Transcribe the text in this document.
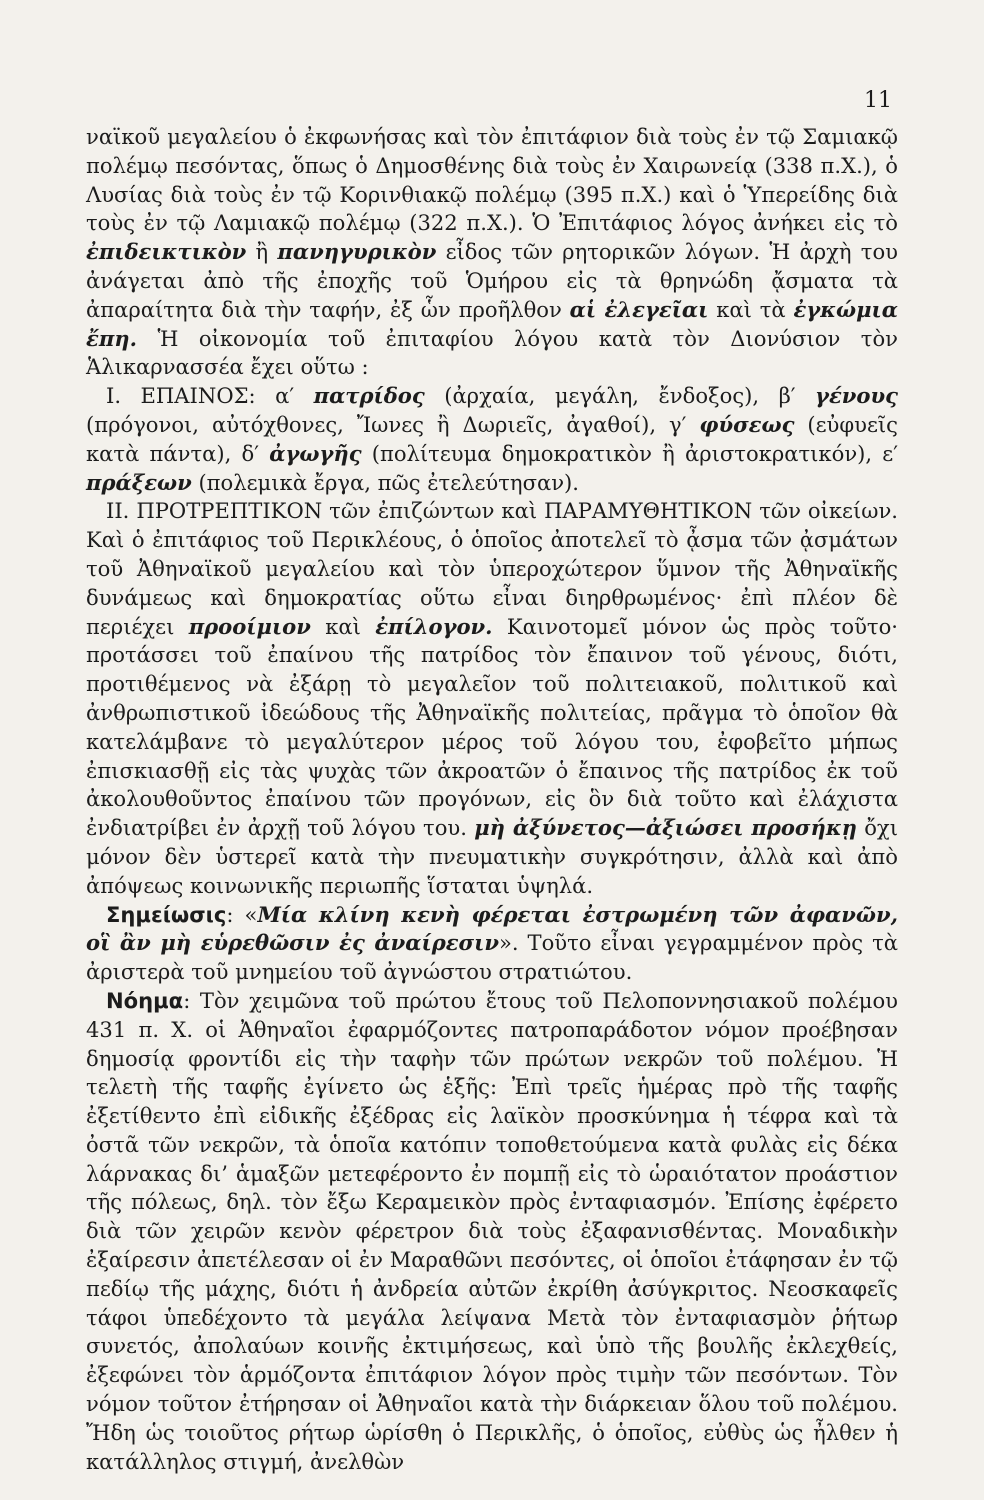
11

ναϊκοῦ μεγαλείου ὁ ἐκφωνήσας καὶ τὸν ἐπιτάφιον διὰ τοὺς ἐν τῷ Σαμιακῷ πολέμῳ πεσόντας, ὅπως ὁ Δημοσθένης διὰ τοὺς ἐν Χαιρωνείᾳ (338 π.Χ.), ὁ Λυσίας διὰ τοὺς ἐν τῷ Κορινθιακῷ πολέμῳ (395 π.Χ.) καὶ ὁ Ὑπερείδης διὰ τοὺς ἐν τῷ Λαμιακῷ πολέμῳ (322 π.Χ.). Ὁ Ἐπιτάφιος λόγος ἀνήκει εἰς τὸ ἐπιδεικτικὸν ἢ πανηγυρικὸν εἶδος τῶν ρητορικῶν λόγων. Ἡ ἀρχὴ του ἀνάγεται ἀπὸ τῆς ἐποχῆς τοῦ Ὁμήρου εἰς τὰ θρηνώδη ᾄσματα τὰ ἀπαραίτητα διὰ τὴν ταφήν, ἐξ ὧν προῆλθον αἱ ἐλεγεῖαι καὶ τὰ ἐγκώμια ἔπη. Ἡ οἰκονομία τοῦ ἐπιταφίου λόγου κατὰ τὸν Διονύσιον τὸν Ἁλικαρνασσέα ἔχει οὕτω :

I. ΕΠΑΙΝΟΣ: α′ πατρίδος (ἀρχαία, μεγάλη, ἔνδοξος), β′ γένους (πρόγονοι, αὐτόχθονες, Ἴωνες ἢ Δωριεῖς, ἀγαθοί), γ′ φύσεως (εὐφυεῖς κατὰ πάντα), δ′ ἀγωγῆς (πολίτευμα δημοκρατικὸν ἢ ἀριστοκρατικόν), ε′ πράξεων (πολεμικὰ ἔργα, πῶς ἐτελεύτησαν).

II. ΠΡΟΤΡΕΠΤΙΚΟΝ τῶν ἐπιζώντων καὶ ΠΑΡΑΜΥΘΗΤΙΚΟΝ τῶν οἰκείων. Καὶ ὁ ἐπιτάφιος τοῦ Περικλέους, ὁ ὁποῖος ἀποτελεῖ τὸ ᾆσμα τῶν ᾀσμάτων τοῦ Ἀθηναϊκοῦ μεγαλείου καὶ τὸν ὑπεροχώτερον ὕμνον τῆς Ἀθηναϊκῆς δυνάμεως καὶ δημοκρατίας οὕτω εἶναι διηρθρωμένος· ἐπὶ πλέον δὲ περιέχει προοίμιον καὶ ἐπίλογον. Καινοτομεῖ μόνον ὡς πρὸς τοῦτο· προτάσσει τοῦ ἐπαίνου τῆς πατρίδος τὸν ἔπαινον τοῦ γένους, διότι, προτιθέμενος νὰ ἐξάρῃ τὸ μεγαλεῖον τοῦ πολιτειακοῦ, πολιτικοῦ καὶ ἀνθρωπιστικοῦ ἰδεώδους τῆς Ἀθηναϊκῆς πολιτείας, πρᾶγμα τὸ ὁποῖον θὰ κατελάμβανε τὸ μεγαλύτερον μέρος τοῦ λόγου του, ἐφοβεῖτο μήπως ἐπισκιασθῇ εἰς τὰς ψυχὰς τῶν ἀκροατῶν ὁ ἔπαινος τῆς πατρίδος ἐκ τοῦ ἀκολουθοῦντος ἐπαίνου τῶν προγόνων, εἰς ὃν διὰ τοῦτο καὶ ἐλάχιστα ἐνδιατρίβει ἐν ἀρχῇ τοῦ λόγου του. μὴ ἀξύνετος—ἀξιώσει προσήκῃ ὄχι μόνον δὲν ὑστερεῖ κατὰ τὴν πνευματικὴν συγκρότησιν, ἀλλὰ καὶ ἀπὸ ἀπόψεως κοινωνικῆς περιωπῆς ἵσταται ὑψηλά.

Σημείωσις: «Μία κλίνη κενὴ φέρεται ἐστρωμένη τῶν ἀφανῶν, οἳ ἂν μὴ εὑρεθῶσιν ἐς ἀναίρεσιν». Τοῦτο εἶναι γεγραμμένον πρὸς τὰ ἀριστερὰ τοῦ μνημείου τοῦ ἀγνώστου στρατιώτου.

Νόημα: Τὸν χειμῶνα τοῦ πρώτου ἔτους τοῦ Πελοποννησιακοῦ πολέμου 431 π. Χ. οἱ Ἀθηναῖοι ἐφαρμόζοντες πατροπαράδοτον νόμον προέβησαν δημοσίᾳ φροντίδι εἰς τὴν ταφὴν τῶν πρώτων νεκρῶν τοῦ πολέμου. Ἡ τελετὴ τῆς ταφῆς ἐγίνετο ὡς ἑξῆς: Ἐπὶ τρεῖς ἡμέρας πρὸ τῆς ταφῆς ἐξετίθεντο ἐπὶ εἰδικῆς ἐξέδρας εἰς λαϊκὸν προσκύνημα ἡ τέφρα καὶ τὰ ὀστᾶ τῶν νεκρῶν, τὰ ὁποῖα κατόπιν τοποθετούμενα κατὰ φυλὰς εἰς δέκα λάρνακας δι’ ἁμαξῶν μετεφέροντο ἐν πομπῇ εἰς τὸ ὡραιότατον προάστιον τῆς πόλεως, δηλ. τὸν ἔξω Κεραμεικὸν πρὸς ἐνταφιασμόν. Ἐπίσης ἐφέρετο διὰ τῶν χειρῶν κενὸν φέρετρον διὰ τοὺς ἐξαφανισθέντας. Μοναδικὴν ἐξαίρεσιν ἀπετέλεσαν οἱ ἐν Μαραθῶνι πεσόντες, οἱ ὁποῖοι ἐτάφησαν ἐν τῷ πεδίῳ τῆς μάχης, διότι ἡ ἀνδρεία αὐτῶν ἐκρίθη ἀσύγκριτος. Νεοσκαφεῖς τάφοι ὑπεδέχοντο τὰ μεγάλα λείψανα Μετὰ τὸν ἐνταφιασμὸν ῥήτωρ συνετός, ἀπολαύων κοινῆς ἐκτιμήσεως, καὶ ὑπὸ τῆς βουλῆς ἐκλεχθείς, ἐξεφώνει τὸν ἁρμόζοντα ἐπιτάφιον λόγον πρὸς τιμὴν τῶν πεσόντων. Τὸν νόμον τοῦτον ἐτήρησαν οἱ Ἀθηναῖοι κατὰ τὴν διάρκειαν ὅλου τοῦ πολέμου. Ἤδη ὡς τοιοῦτος ρήτωρ ὡρίσθη ὁ Περικλῆς, ὁ ὁποῖος, εὐθὺς ὡς ἦλθεν ἡ κατάλληλος στιγμή, ἀνελθὼν
